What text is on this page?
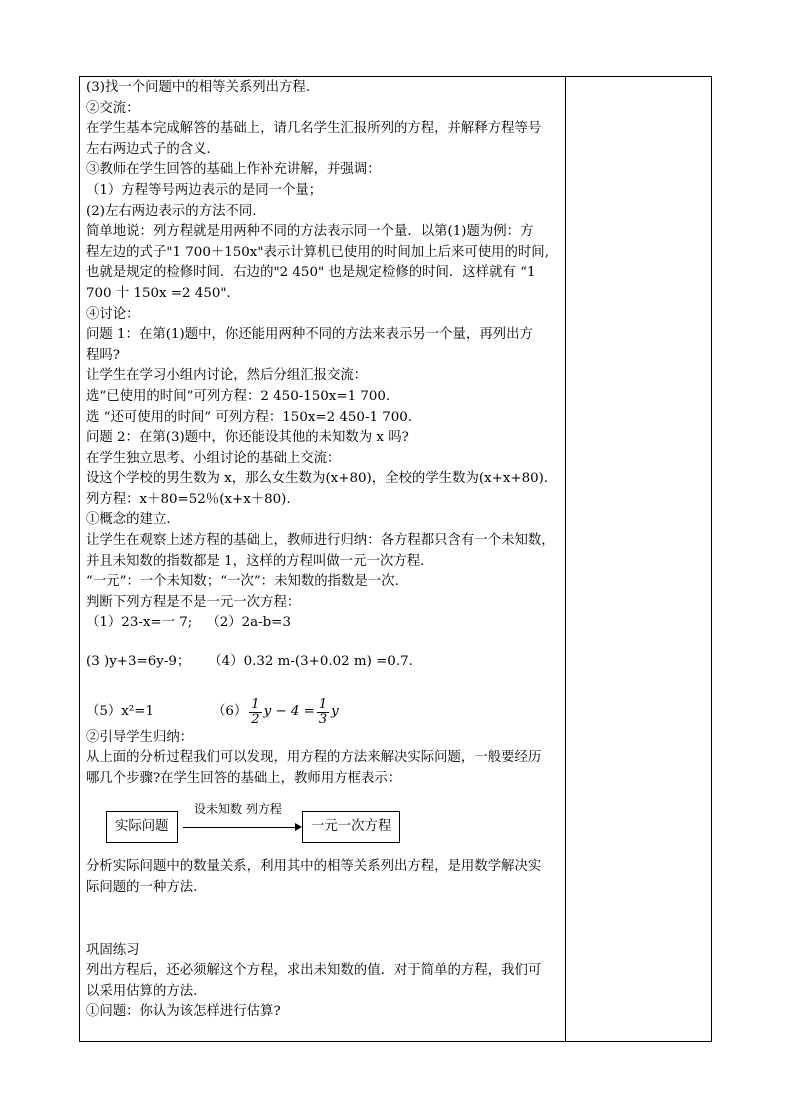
(3)找一个问题中的相等关系列出方程．

②交流：

在学生基本完成解答的基础上，请几名学生汇报所列的方程，并解释方程等号

左右两边式子的含义．

③教师在学生回答的基础上作补充讲解，并强调：

（1）方程等号两边表示的是同一个量；

(2)左右两边表示的方法不同.

简单地说：列方程就是用两种不同的方法表示同一个量．以第(1)题为例：方

程左边的式子"1 700＋150x"表示计算机已使用的时间加上后来可使用的时间,

也就是规定的检修时间．右边的"2 450" 也是规定检修的时间．这样就有 “1

700 十 150x =2 450"．

④讨论：

问题 1：在第(1)题中，你还能用两种不同的方法来表示另一个量，再列出方

程吗?

让学生在学习小组内讨论，然后分组汇报交流：

选“已使用的时间”可列方程：2 450-150x=1 700.

选 “还可使用的时间” 可列方程：150x=2 450-1 700.

问题 2：在第(3)题中，你还能设其他的未知数为 x 吗?

在学生独立思考、小组讨论的基础上交流：

设这个学校的男生数为 x，那么女生数为(x+80)，全校的学生数为(x+x+80).

列方程：x＋80=52％(x+x＋80).

①概念的建立.

让学生在观察上述方程的基础上，教师进行归纳：各方程都只含有一个未知数，

并且未知数的指数都是 1，这样的方程叫做一元一次方程．

“一元”：一个未知数；“一次”：未知数的指数是一次.

判断下列方程是不是一元一次方程：

（1）23-x=一 7; （2）2a-b=3

(3 )y+3=6y-9； （4）0.32 m-(3+0.02 m) =0.7.

（5）x²=1	$(6) \frac{1}{2}$ $y - 4 = \frac{1}{3}$ y

②引导学生归纳：

从上面的分析过程我们可以发现，用方程的方法来解决实际问题，一般要经历

哪几个步骤?在学生回答的基础上，教师用方框表示：

实际问题
设未知数 列方程
一元一次方程

分析实际问题中的数量关系，利用其中的相等关系列出方程，是用数学解决实

际问题的一种方法．

巩固练习

列出方程后，还必须解这个方程，求出未知数的值．对于简单的方程，我们可

以采用估算的方法．

①问题：你认为该怎样进行估算?
